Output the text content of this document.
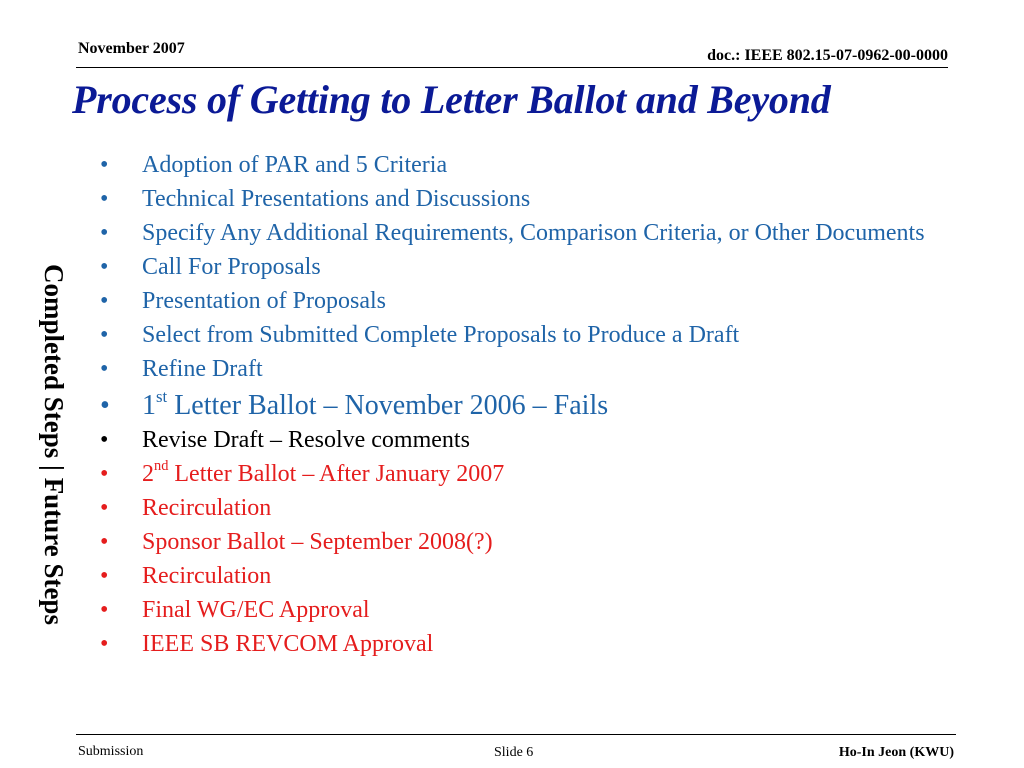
November 2007	doc.: IEEE 802.15-07-0962-00-0000
Process of Getting to Letter Ballot and Beyond
Completed Steps | Future Steps
• Adoption of PAR and 5 Criteria
• Technical Presentations and Discussions
• Specify Any Additional Requirements, Comparison Criteria, or Other Documents
• Call For Proposals
• Presentation of Proposals
• Select from Submitted Complete Proposals to Produce a Draft
• Refine Draft
• 1st Letter Ballot – November 2006 – Fails
• Revise Draft – Resolve comments
• 2nd Letter Ballot – After January 2007
• Recirculation
• Sponsor Ballot – September 2008(?)
• Recirculation
• Final WG/EC Approval
• IEEE SB REVCOM Approval
Submission	Slide 6	Ho-In Jeon (KWU)
